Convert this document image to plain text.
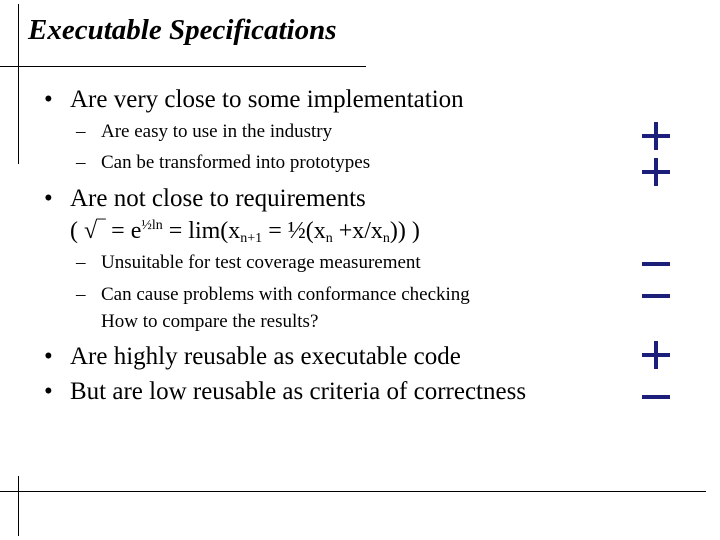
Executable Specifications
• Are very close to some implementation
– Are easy to use in the industry
– Can be transformed into prototypes
• Are not close to requirements
( √‾ = $e^{\frac{1}{2}ln} = \lim(x_{n+1}$ = $\frac{1}{2}(x_n +x/x_n)$) )
– Unsuitable for test coverage measurement
– Can cause problems with conformance checking
How to compare the results?
• Are highly reusable as executable code
• But are low reusable as criteria of correctness
